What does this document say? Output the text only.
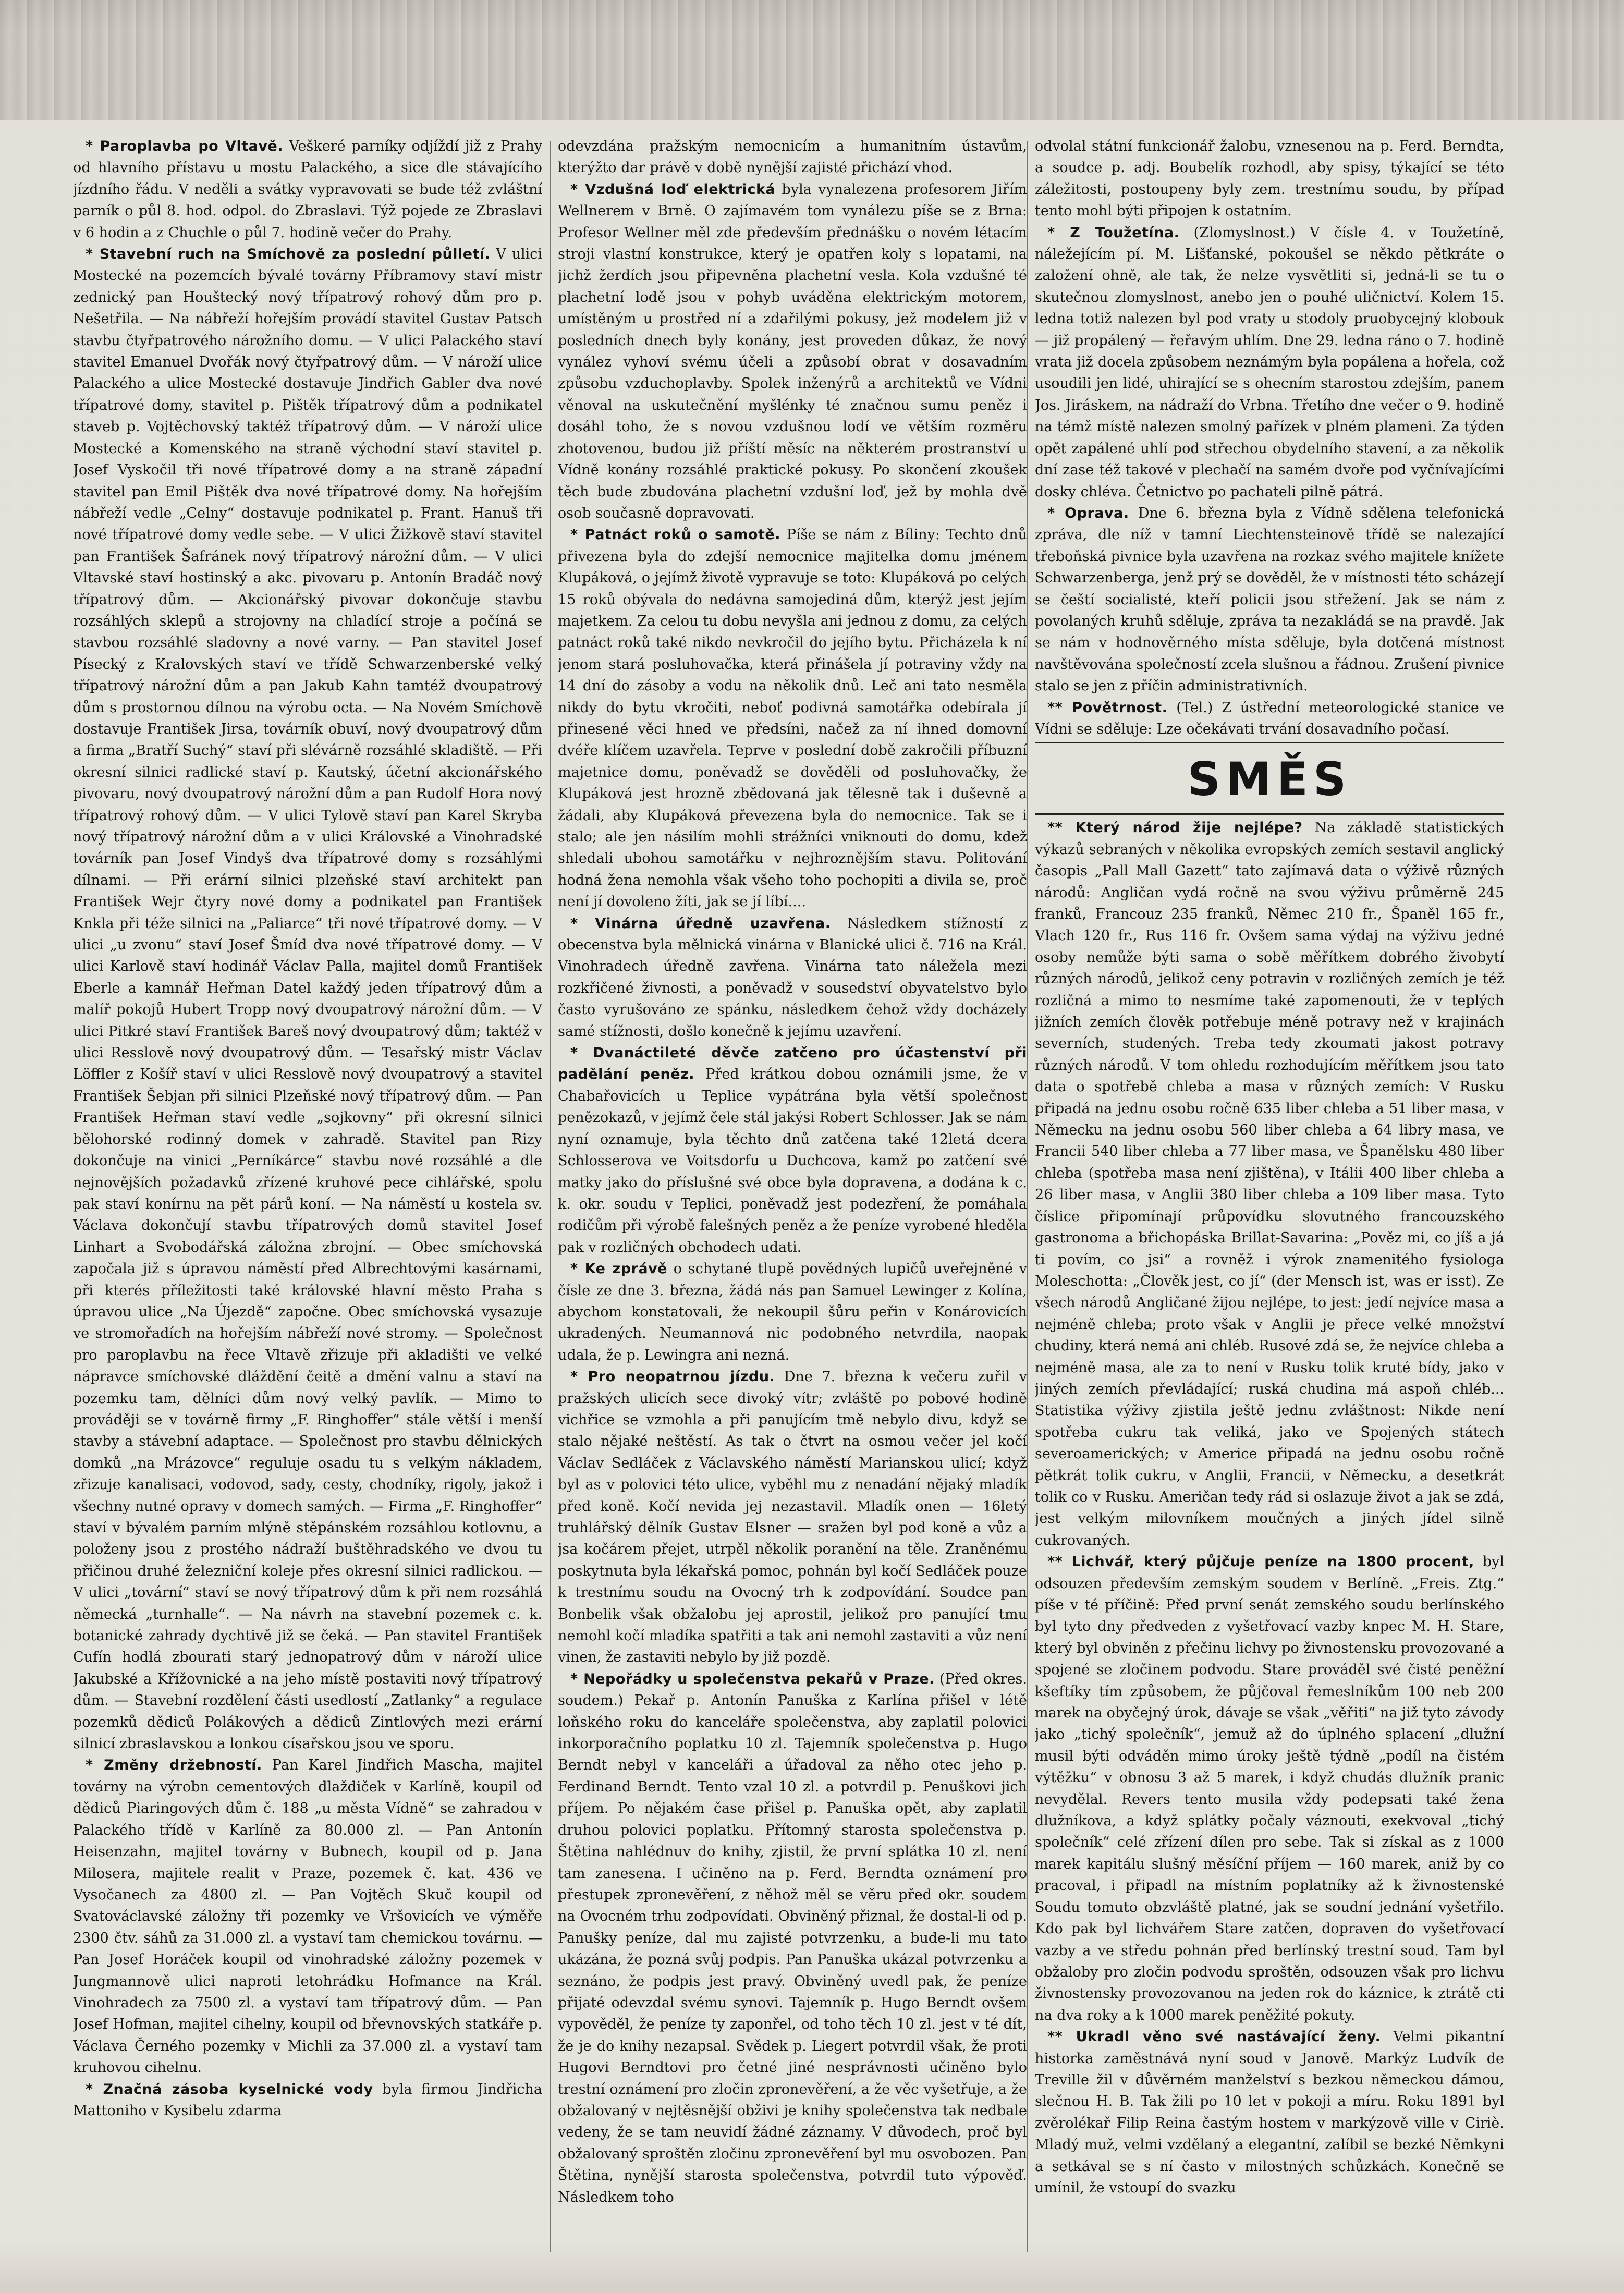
* Paroplavba po Vltavě. Veškeré parníky odjíždí již z Prahy od hlavního přístavu u mostu Palackého, a sice dle stávajícího jízdního řádu. V neděli a svátky vypravovati se bude též zvláštní parník o půl 8. hod. odpol. do Zbraslavi. Týž pojede ze Zbraslavi v 6 hodin a z Chuchle o půl 7. hodině večer do Prahy.

* Stavební ruch na Smíchově za poslední půlletí. V ulici Mostecké na pozemcích bývalé továrny Příbramovy staví mistr zednický pan Houštecký nový třípatrový rohový dům pro p. Nešetřila. — Na nábřeží hořejším provádí stavitel Gustav Patsch stavbu čtyřpatrového nárožního domu. — V ulici Palackého staví stavitel Emanuel Dvořák nový čtyřpatrový dům. — V nároží ulice Palackého a ulice Mostecké dostavuje Jindřich Gabler dva nové třípatrové domy, stavitel p. Pištěk třípatrový dům a podnikatel staveb p. Vojtěchovský taktéž třípatrový dům. — V nároží ulice Mostecké a Komenského na straně východní staví stavitel p. Josef Vyskočil tři nové třípatrové domy a na straně západní stavitel pan Emil Pištěk dva nové třípatrové domy. Na hořejším nábřeží vedle „Celny“ dostavuje podnikatel p. Frant. Hanuš tři nové třípatrové domy vedle sebe. — V ulici Žižkově staví stavitel pan František Šafránek nový třípatrový nárožní dům. — V ulici Vltavské staví hostinský a akc. pivovaru p. Antonín Bradáč nový třípatrový dům. — Akcionářský pivovar dokončuje stavbu rozsáhlých sklepů a strojovny na chladící stroje a počíná se stavbou rozsáhlé sladovny a nové varny. — Pan stavitel Josef Písecký z Kralovských staví ve třídě Schwarzenberské velký třípatrový nárožní dům a pan Jakub Kahn tamtéž dvoupatrový dům s prostornou dílnou na výrobu octa. — Na Novém Smíchově dostavuje František Jirsa, továrník obuví, nový dvoupatrový dům a firma „Bratří Suchý“ staví při slévárně rozsáhlé skladiště. — Při okresní silnici radlické staví p. Kautský, účetní akcionářského pivovaru, nový dvoupatrový nárožní dům a pan Rudolf Hora nový třípatrový rohový dům. — V ulici Tylově staví pan Karel Skryba nový třípatrový nárožní dům a v ulici Královské a Vinohradské továrník pan Josef Vindyš dva třípatrové domy s rozsáhlými dílnami. — Při erární silnici plzeňské staví architekt pan František Wejr čtyry nové domy a podnikatel pan František Knkla při téže silnici na „Paliarce“ tři nové třípatrové domy. — V ulici „u zvonu“ staví Josef Šmíd dva nové třípatrové domy. — V ulici Karlově staví hodinář Václav Palla, majitel domů František Eberle a kamnář Heřman Datel každý jeden třípatrový dům a malíř pokojů Hubert Tropp nový dvoupatrový nárožní dům. — V ulici Pitkré staví František Bareš nový dvoupatrový dům; taktéž v ulici Resslově nový dvoupatrový dům. — Tesařský mistr Václav Löffler z Košíř staví v ulici Resslově nový dvoupatrový a stavitel František Šebjan při silnici Plzeňské nový třípatrový dům. — Pan František Heřman staví vedle „sojkovny“ při okresní silnici bělohorské rodinný domek v zahradě. Stavitel pan Rizy dokončuje na vinici „Perníkárce“ stavbu nové rozsáhlé a dle nejnovějších požadavků zřízené kruhové pece cihlářské, spolu pak staví konírnu na pět párů koní. — Na náměstí u kostela sv. Václava dokončují stavbu třípatrových domů stavitel Josef Linhart a Svobodářská záložna zbrojní. — Obec smíchovská započala již s úpravou náměstí před Albrechtovými kasárnami, při kterés příležitosti také královské hlavní město Praha s úpravou ulice „Na Újezdě“ započne. Obec smíchovská vysazuje ve stromořadích na hořejším nábřeží nové stromy. — Společnost pro paroplavbu na řece Vltavě zřizuje při akladišti ve velké nápravce smíchovské dláždění čeitě a dmění valnu a staví na pozemku tam, dělníci dům nový velký pavlík. — Mimo to prováději se v továrně firmy „F. Ringhoffer“ stále větší i menší stavby a stávební adaptace. — Společnost pro stavbu dělnických domků „na Mrázovce“ reguluje osadu tu s velkým nákladem, zřizuje kanalisaci, vodovod, sady, cesty, chodníky, rigoly, jakož i všechny nutné opravy v domech samých. — Firma „F. Ringhoffer“ staví v bývalém parním mlýně stěpánském rozsáhlou kotlovnu, a položeny jsou z prostého nádraží buštěhradského ve dvou tu přičinou druhé železniční koleje přes okresní silnici radlickou. — V ulici „tovární“ staví se nový třípatrový dům k při nem rozsáhlá německá „turnhalle“. — Na návrh na stavební pozemek c. k. botanické zahrady dychtivě již se čeká. — Pan stavitel František Cufín hodlá zbourati starý jednopatrový dům v nároží ulice Jakubské a Křížovnické a na jeho místě postaviti nový třípatrový dům. — Stavební rozdělení části usedlostí „Zatlanky“ a regulace pozemků dědiců Polákových a dědiců Zintlových mezi erární silnicí zbraslavskou a lonkou císařskou jsou ve sporu.

* Změny držebností. Pan Karel Jindřich Mascha, majitel továrny na výrobn cementových dlaždiček v Karlíně, koupil od dědiců Piaringových dům č. 188 „u města Vídně“ se zahradou v Palackého třídě v Karlíně za 80.000 zl. — Pan Antonín Heisenzahn, majitel továrny v Bubnech, koupil od p. Jana Milosera, majitele realit v Praze, pozemek č. kat. 436 ve Vysočanech za 4800 zl. — Pan Vojtěch Skuč koupil od Svatováclavské záložny tři pozemky ve Vršovicích ve výměře 2300 čtv. sáhů za 31.000 zl. a vystaví tam chemickou továrnu. — Pan Josef Horáček koupil od vinohradské záložny pozemek v Jungmannově ulici naproti letohrádku Hofmance na Král. Vinohradech za 7500 zl. a vystaví tam třípatrový dům. — Pan Josef Hofman, majitel cihelny, koupil od břevnovských statkáře p. Václava Černého pozemky v Michli za 37.000 zl. a vystaví tam kruhovou cihelnu.

* Značná zásoba kyselnické vody byla firmou Jindřicha Mattoniho v Kysibelu zdarma

odevzdána pražským nemocnicím a humanitním ústavům, kterýžto dar právě v době nynější zajisté přichází vhod.

* Vzdušná loď elektrická byla vynalezena profesorem Jiřím Wellnerem v Brně. O zajímavém tom vynálezu píše se z Brna: Profesor Wellner měl zde především přednášku o novém létacím stroji vlastní konstrukce, který je opatřen koly s lopatami, na jichž žerdích jsou připevněna plachetní vesla. Kola vzdušné té plachetní lodě jsou v pohyb uváděna elektrickým motorem, umístěným u prostřed ní a zdařilými pokusy, jež modelem již v posledních dnech byly konány, jest proveden důkaz, že nový vynález vyhoví svému účeli a způsobí obrat v dosavadním způsobu vzduchoplavby. Spolek inženýrů a architektů ve Vídni věnoval na uskutečnění myšlénky té značnou sumu peněz i dosáhl toho, že s novou vzdušnou lodí ve větším rozměru zhotovenou, budou již příští měsíc na některém prostranství u Vídně konány rozsáhlé praktické pokusy. Po skončení zkoušek těch bude zbudována plachetní vzdušní loď, jež by mohla dvě osob současně dopravovati.

* Patnáct roků o samotě. Píše se nám z Bíliny: Techto dnů přivezena byla do zdejší nemocnice majitelka domu jménem Klupáková, o jejímž životě vypravuje se toto: Klupáková po celých 15 roků obývala do nedávna samojediná dům, kterýž jest jejím majetkem. Za celou tu dobu nevyšla ani jednou z domu, za celých patnáct roků také nikdo nevkročil do jejího bytu. Přicházela k ní jenom stará posluhovačka, která přinášela jí potraviny vždy na 14 dní do zásoby a vodu na několik dnů. Leč ani tato nesměla nikdy do bytu vkročiti, neboť podivná samotářka odebírala jí přinesené věci hned ve předsíni, načež za ní ihned domovní dvéře klíčem uzavřela. Teprve v poslední době zakročili příbuzní majetnice domu, poněvadž se dověděli od posluhovačky, že Klupáková jest hrozně zbědovaná jak tělesně tak i duševně a žádali, aby Klupáková převezena byla do nemocnice. Tak se i stalo; ale jen násilím mohli strážníci vniknouti do domu, kdež shledali ubohou samotářku v nejhroznějším stavu. Politování hodná žena nemohla však všeho toho pochopiti a divila se, proč není jí dovoleno žíti, jak se jí líbí....

* Vinárna úředně uzavřena. Následkem stížností z obecenstva byla mělnická vinárna v Blanické ulici č. 716 na Král. Vinohradech úředně zavřena. Vinárna tato náležela mezi rozkřičené živnosti, a poněvadž v sousedství obyvatelstvo bylo často vyrušováno ze spánku, následkem čehož vždy docházely samé stížnosti, došlo konečně k jejímu uzavření.

* Dvanáctileté děvče zatčeno pro účastenství při padělání peněz. Před krátkou dobou oznámili jsme, že v Chabařovicích u Teplice vypátrána byla větší společnost penězokazů, v jejímž čele stál jakýsi Robert Schlosser. Jak se nám nyní oznamuje, byla těchto dnů zatčena také 12letá dcera Schlosserova ve Voitsdorfu u Duchcova, kamž po zatčení své matky jako do příslušné své obce byla dopravena, a dodána k c. k. okr. soudu v Teplici, poněvadž jest podezření, že pomáhala rodičům při výrobě falešných peněz a že peníze vyrobené hleděla pak v rozličných obchodech udati.

* Ke zprávě o schytané tlupě povědných lupičů uveřejněné v čísle ze dne 3. března, žádá nás pan Samuel Lewinger z Kolína, abychom konstatovali, že nekoupil šůru peřin v Konárovicích ukradených. Neumannová nic podobného netvrdila, naopak udala, že p. Lewingra ani nezná.

* Pro neopatrnou jízdu. Dne 7. března k večeru zuřil v pražských ulicích sece divoký vítr; zvláště po pobové hodině vichřice se vzmohla a při panujícím tmě nebylo divu, když se stalo nějaké neštěstí. As tak o čtvrt na osmou večer jel kočí Václav Sedláček z Václavského náměstí Marianskou ulicí; když byl as v polovici této ulice, vyběhl mu z nenadání nějaký mladík před koně. Kočí nevida jej nezastavil. Mladík onen — 16letý truhlářský dělník Gustav Elsner — sražen byl pod koně a vůz a jsa kočárem přejet, utrpěl několik poranění na těle. Zraněnému poskytnuta byla lékařská pomoc, pohnán byl kočí Sedláček pouze k trestnímu soudu na Ovocný trh k zodpovídání. Soudce pan Bonbelik však obžalobu jej aprostil, jelikož pro panující tmu nemohl kočí mladíka spatřiti a tak ani nemohl zastaviti a vůz není vinen, že zastaviti nebylo by již pozdě.

* Nepořádky u společenstva pekařů v Praze. (Před okres. soudem.) Pekař p. Antonín Panuška z Karlína přišel v létě loňského roku do kanceláře společenstva, aby zaplatil polovici inkorporačního poplatku 10 zl. Tajemník společenstva p. Hugo Berndt nebyl v kanceláři a úřadoval za něho otec jeho p. Ferdinand Berndt. Tento vzal 10 zl. a potvrdil p. Penuškovi jich příjem. Po nějakém čase přišel p. Panuška opět, aby zaplatil druhou polovici poplatku. Přítomný starosta společenstva p. Štětina nahlédnuv do knihy, zjistil, že první splátka 10 zl. není tam zanesena. I učiněno na p. Ferd. Berndta oznámení pro přestupek zpronevěření, z něhož měl se věru před okr. soudem na Ovocném trhu zodpovídati. Obviněný přiznal, že dostal-li od p. Panušky peníze, dal mu zajisté potvrzenku, a bude-li mu tato ukázána, že pozná svůj podpis. Pan Panuška ukázal potvrzenku a seznáno, že podpis jest pravý. Obviněný uvedl pak, že peníze přijaté odevzdal svému synovi. Tajemník p. Hugo Berndt ovšem vypověděl, že peníze ty zaponřel, od toho těch 10 zl. jest v té dít, že je do knihy nezapsal. Svědek p. Liegert potvrdil však, že proti Hugovi Berndtovi pro četné jiné nesprávnosti učiněno bylo trestní oznámení pro zločin zpronevěření, a že věc vyšetřuje, a že obžalovaný v nejtěsnější obživi je knihy společenstva tak nedbale vedeny, že se tam neuvidí žádné záznamy. V důvodech, proč byl obžalovaný sproštěn zločinu zpronevěření byl mu osvobozen. Pan Štětina, nynější starosta společenstva, potvrdil tuto výpověď. Následkem toho

odvolal státní funkcionář žalobu, vznesenou na p. Ferd. Berndta, a soudce p. adj. Boubelík rozhodl, aby spisy, týkající se této záležitosti, postoupeny byly zem. trestnímu soudu, by případ tento mohl býti připojen k ostatním.

* Z Toužetína. (Zlomyslnost.) V čísle 4. v Toužetíně, náležejícím pí. M. Lišťanské, pokoušel se někdo pětkráte o založení ohně, ale tak, že nelze vysvětliti si, jedná-li se tu o skutečnou zlomyslnost, anebo jen o pouhé uličnictví. Kolem 15. ledna totiž nalezen byl pod vraty u stodoly pruobycejný klobouk — již propálený — řeřavým uhlím. Dne 29. ledna ráno o 7. hodině vrata již docela způsobem neznámým byla popálena a hořela, což usoudili jen lidé, uhirající se s ohecním starostou zdejším, panem Jos. Jiráskem, na nádraží do Vrbna. Třetího dne večer o 9. hodině na témž místě nalezen smolný pařízek v plném plameni. Za týden opět zapálené uhlí pod střechou obydelního stavení, a za několik dní zase též takové v plechačí na samém dvoře pod vyčnívajícími dosky chléva. Četnictvo po pachateli pilně pátrá.

* Oprava. Dne 6. března byla z Vídně sdělena telefonická zpráva, dle níž v tamní Liechtensteinově třídě se nalezající třeboňská pivnice byla uzavřena na rozkaz svého majitele knížete Schwarzenberga, jenž prý se dověděl, že v místnosti této scházejí se čeští socialisté, kteří policii jsou střežení. Jak se nám z povolaných kruhů sděluje, zpráva ta nezakládá se na pravdě. Jak se nám v hodnověrného místa sděluje, byla dotčená místnost navštěvována společností zcela slušnou a řádnou. Zrušení pivnice stalo se jen z příčin administrativních.

** Povětrnost. (Tel.) Z ústřední meteorologické stanice ve Vídni se sděluje: Lze očekávati trvání dosavadního počasí.

SMĚS

** Který národ žije nejlépe? Na základě statistických výkazů sebraných v několika evropských zemích sestavil anglický časopis „Pall Mall Gazett“ tato zajímavá data o výživě různých národů: Angličan vydá ročně na svou výživu průměrně 245 franků, Francouz 235 franků, Němec 210 fr., Španěl 165 fr., Vlach 120 fr., Rus 116 fr. Ovšem sama výdaj na výživu jedné osoby nemůže býti sama o sobě měřítkem dobrého živobytí různých národů, jelikož ceny potravin v rozličných zemích je též rozličná a mimo to nesmíme také zapomenouti, že v teplých jižních zemích člověk potřebuje méně potravy než v krajinách severních, studených. Treba tedy zkoumati jakost potravy různých národů. V tom ohledu rozhodujícím měřítkem jsou tato data o spotřebě chleba a masa v různých zemích: V Rusku připadá na jednu osobu ročně 635 liber chleba a 51 liber masa, v Německu na jednu osobu 560 liber chleba a 64 libry masa, ve Francii 540 liber chleba a 77 liber masa, ve Španělsku 480 liber chleba (spotřeba masa není zjištěna), v Itálii 400 liber chleba a 26 liber masa, v Anglii 380 liber chleba a 109 liber masa. Tyto číslice připomínají průpovídku slovutného francouzského gastronoma a břichopáska Brillat-Savarina: „Pověz mi, co jíš a já ti povím, co jsi“ a rovněž i výrok znamenitého fysiologa Moleschotta: „Člověk jest, co jí“ (der Mensch ist, was er isst). Ze všech národů Angličané žijou nejlépe, to jest: jedí nejvíce masa a nejméně chleba; proto však v Anglii je přece velké množství chudiny, která nemá ani chléb. Rusové zdá se, že nejvíce chleba a nejméně masa, ale za to není v Rusku tolik kruté bídy, jako v jiných zemích převládající; ruská chudina má aspoň chléb... Statistika výživy zjistila ještě jednu zvláštnost: Nikde není spotřeba cukru tak veliká, jako ve Spojených státech severoamerických; v Americe připadá na jednu osobu ročně pětkrát tolik cukru, v Anglii, Francii, v Německu, a desetkrát tolik co v Rusku. Američan tedy rád si oslazuje život a jak se zdá, jest velkým milovníkem moučných a jiných jídel silně cukrovaných.

** Lichvář, který půjčuje peníze na 1800 procent, byl odsouzen především zemským soudem v Berlíně. „Freis. Ztg.“ píše v té příčině: Před první senát zemského soudu berlínského byl tyto dny předveden z vyšetřovací vazby knpec M. H. Stare, který byl obviněn z přečinu lichvy po živnostensku provozované a spojené se zločinem podvodu. Stare prováděl své čisté peněžní kšeftíky tím způsobem, že půjčoval řemeslníkům 100 neb 200 marek na obyčejný úrok, dávaje se však „věřiti“ na již tyto závody jako „tichý společník“, jemuž až do úplného splacení „dlužní musil býti odváděn mimo úroky ještě týdně „podíl na čistém výtěžku“ v obnosu 3 až 5 marek, i když chudás dlužník pranic nevydělal. Revers tento musila vždy podepsati také žena dlužníkova, a když splátky počaly váznouti, exekvoval „tichý společník“ celé zřízení dílen pro sebe. Tak si získal as z 1000 marek kapitálu slušný měsíční příjem — 160 marek, aniž by co pracoval, i připadl na místním poplatníky až k živnostenské Soudu tomuto obzvláště platné, jak se soudní jednání vyšetřilo. Kdo pak byl lichvářem Stare zatčen, dopraven do vyšetřovací vazby a ve středu pohnán před berlínský trestní soud. Tam byl obžaloby pro zločin podvodu sproštěn, odsouzen však pro lichvu živnostensky provozovanou na jeden rok do káznice, k ztrátě cti na dva roky a k 1000 marek peněžité pokuty.

** Ukradl věno své nastávající ženy. Velmi pikantní historka zaměstnává nyní soud v Janově. Markýz Ludvík de Treville žil v důvěrném manželství s bezkou německou dámou, slečnou H. B. Tak žili po 10 let v pokoji a míru. Roku 1891 byl zvěrolékař Filip Reina častým hostem v markýzově ville v Ciriè. Mladý muž, velmi vzdělaný a elegantní, zalíbil se bezké Němkyni a setkával se s ní často v milostných schůzkách. Konečně se umínil, že vstoupí do svazku
